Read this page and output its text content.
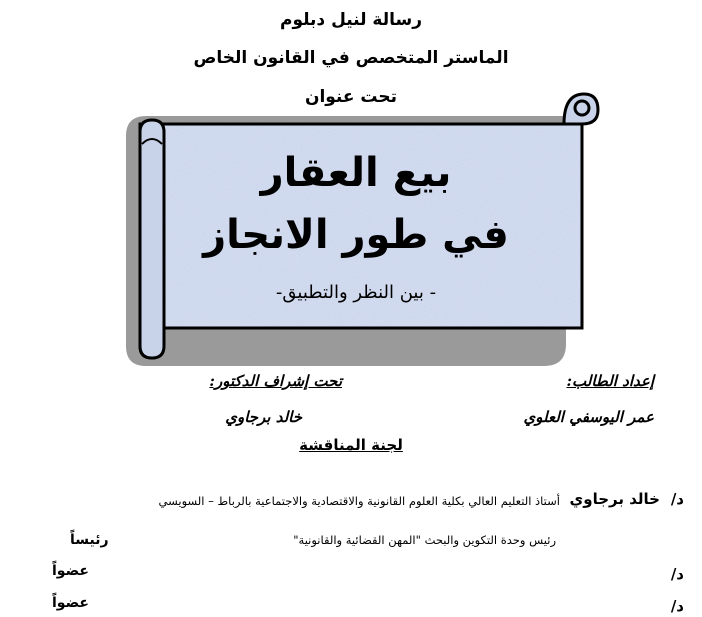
رسالة لنيل دبلوم
الماستر المتخصص في القانون الخاص
تحت عنوان
بيع العقار
في طور الانجاز
- بين النظر والتطبيق-
إعداد الطالب:
عمر اليوسفي العلوي
تحت إشراف الدكتور:
خالد برجاوي
لجنة المناقشة
د/
خالد برجاوي
أستاذ التعليم العالي بكلية العلوم القانونية والاقتصادية والاجتماعية بالرباط – السويسي
رئيس وحدة التكوين والبحث "المهن القضائية والقانونية"
رئيساً
د/
عضواً
د/
عضواً
